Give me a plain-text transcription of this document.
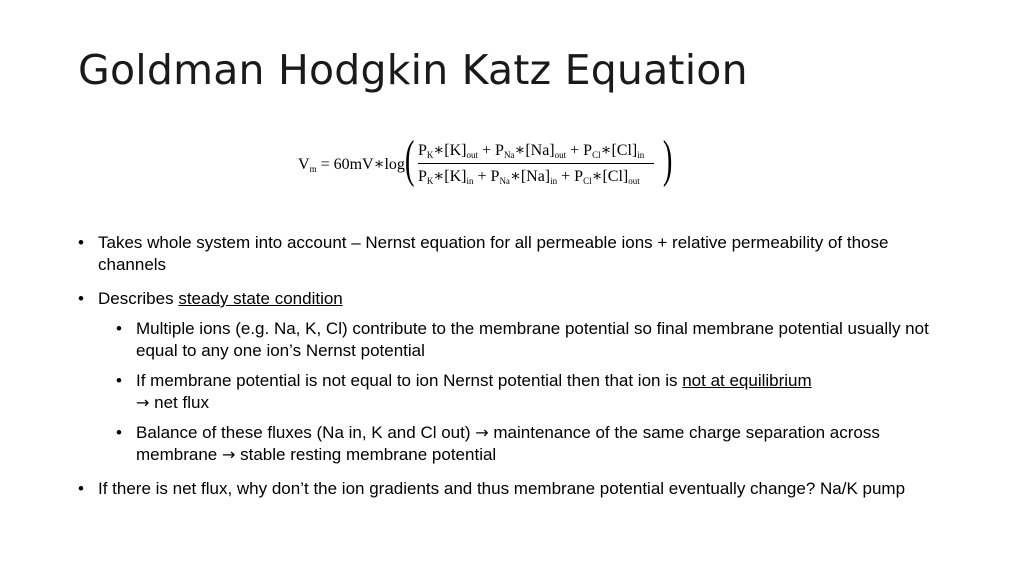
Goldman Hodgkin Katz Equation
$V_m$ = 60mV∗log ( $P_K∗[K]_{out}$ + $P_{Na}∗[Na]_{out}$ + $P_{Cl}∗[Cl]_{in}$
$P_K∗[K]_{in}$ + $P_{Na}∗[Na]_{in}$ + $P_{Cl}∗[Cl]_{out}$ )
• Takes whole system into account – Nernst equation for all permeable ions + relative permeability of those channels
• Describes steady state condition
• Multiple ions (e.g. Na, K, Cl) contribute to the membrane potential so final membrane potential usually not equal to any one ion’s Nernst potential
• If membrane potential is not equal to ion Nernst potential then that ion is not at equilibrium
→ net flux
• Balance of these fluxes (Na in, K and Cl out) → maintenance of the same charge separation across membrane → stable resting membrane potential
• If there is net flux, why don’t the ion gradients and thus membrane potential eventually change? Na/K pump
